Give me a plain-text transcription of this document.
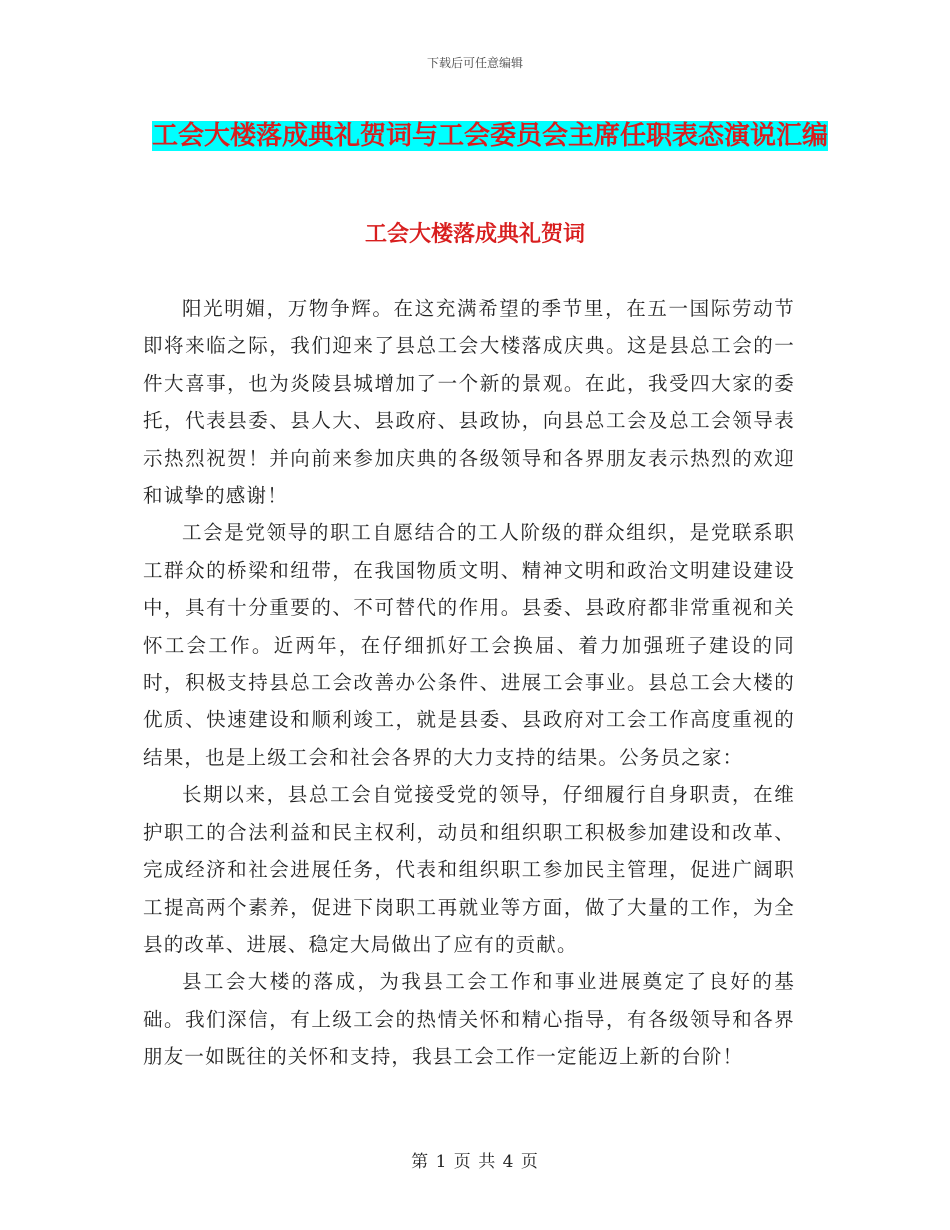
下载后可任意编辑
工会大楼落成典礼贺词与工会委员会主席任职表态演说汇编
工会大楼落成典礼贺词

阳光明媚，万物争辉。在这充满希望的季节里，在五一国际劳动节即将来临之际，我们迎来了县总工会大楼落成庆典。这是县总工会的一件大喜事，也为炎陵县城增加了一个新的景观。在此，我受四大家的委托，代表县委、县人大、县政府、县政协，向县总工会及总工会领导表示热烈祝贺！并向前来参加庆典的各级领导和各界朋友表示热烈的欢迎和诚挚的感谢！

工会是党领导的职工自愿结合的工人阶级的群众组织，是党联系职工群众的桥梁和纽带，在我国物质文明、精神文明和政治文明建设建设中，具有十分重要的、不可替代的作用。县委、县政府都非常重视和关怀工会工作。近两年，在仔细抓好工会换届、着力加强班子建设的同时，积极支持县总工会改善办公条件、进展工会事业。县总工会大楼的优质、快速建设和顺利竣工，就是县委、县政府对工会工作高度重视的结果，也是上级工会和社会各界的大力支持的结果。公务员之家：

长期以来，县总工会自觉接受党的领导，仔细履行自身职责，在维护职工的合法利益和民主权利，动员和组织职工积极参加建设和改革、完成经济和社会进展任务，代表和组织职工参加民主管理，促进广阔职工提高两个素养，促进下岗职工再就业等方面，做了大量的工作，为全县的改革、进展、稳定大局做出了应有的贡献。

县工会大楼的落成，为我县工会工作和事业进展奠定了良好的基础。我们深信，有上级工会的热情关怀和精心指导，有各级领导和各界朋友一如既往的关怀和支持，我县工会工作一定能迈上新的台阶！

第 1 页 共 4 页
